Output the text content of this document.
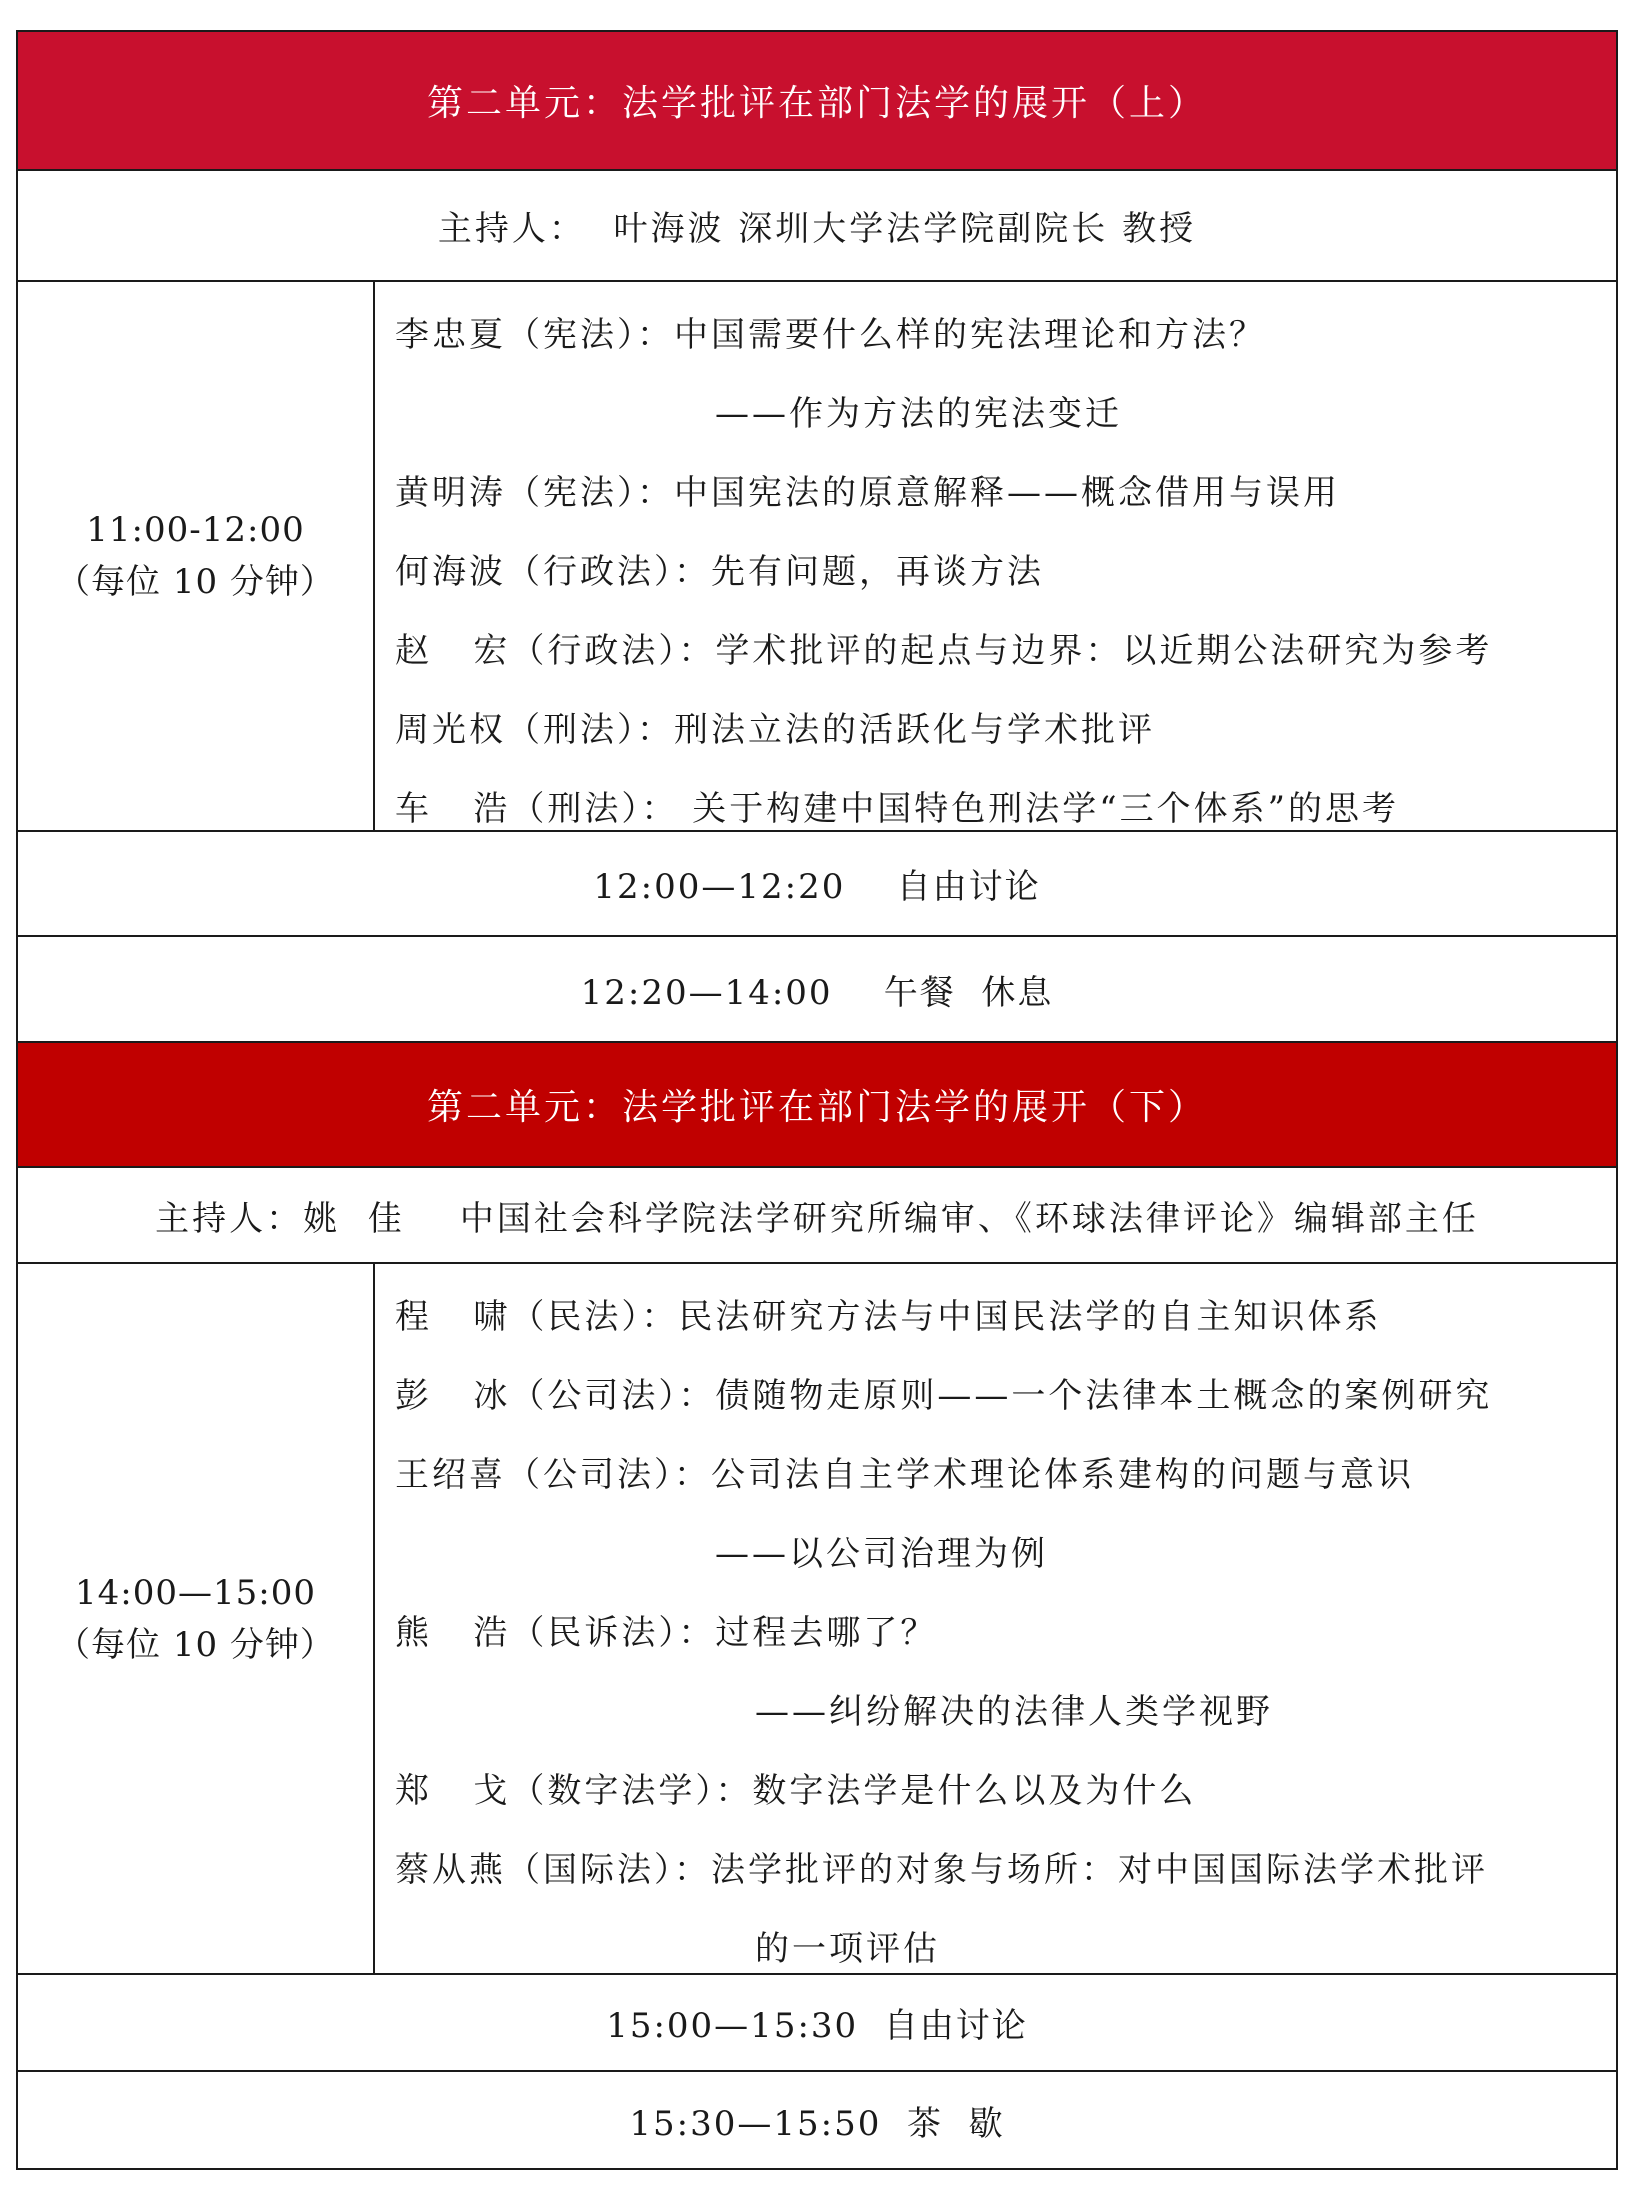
第二单元：法学批评在部门法学的展开（上）
主持人：  叶海波 深圳大学法学院副院长 教授
11:00-12:00
（每位 10 分钟）
李忠夏（宪法）：中国需要什么样的宪法理论和方法？
——作为方法的宪法变迁
黄明涛（宪法）：中国宪法的原意解释——概念借用与误用
何海波（行政法）：先有问题，再谈方法
赵   宏（行政法）：学术批评的起点与边界：以近期公法研究为参考
周光权（刑法）：刑法立法的活跃化与学术批评
车   浩（刑法）： 关于构建中国特色刑法学“三个体系”的思考
12:00—12:20    自由讨论
12:20—14:00    午餐  休息
第二单元：法学批评在部门法学的展开（下）
主持人：姚  佳    中国社会科学院法学研究所编审、《环球法律评论》编辑部主任
14:00—15:00
（每位 10 分钟）
程   啸（民法）：民法研究方法与中国民法学的自主知识体系
彭   冰（公司法）：债随物走原则——一个法律本土概念的案例研究
王绍喜（公司法）：公司法自主学术理论体系建构的问题与意识
——以公司治理为例
熊   浩（民诉法）：过程去哪了？
——纠纷解决的法律人类学视野
郑   戈（数字法学）：数字法学是什么以及为什么
蔡从燕（国际法）：法学批评的对象与场所：对中国国际法学术批评
的一项评估
15:00—15:30  自由讨论
15:30—15:50  茶  歇
